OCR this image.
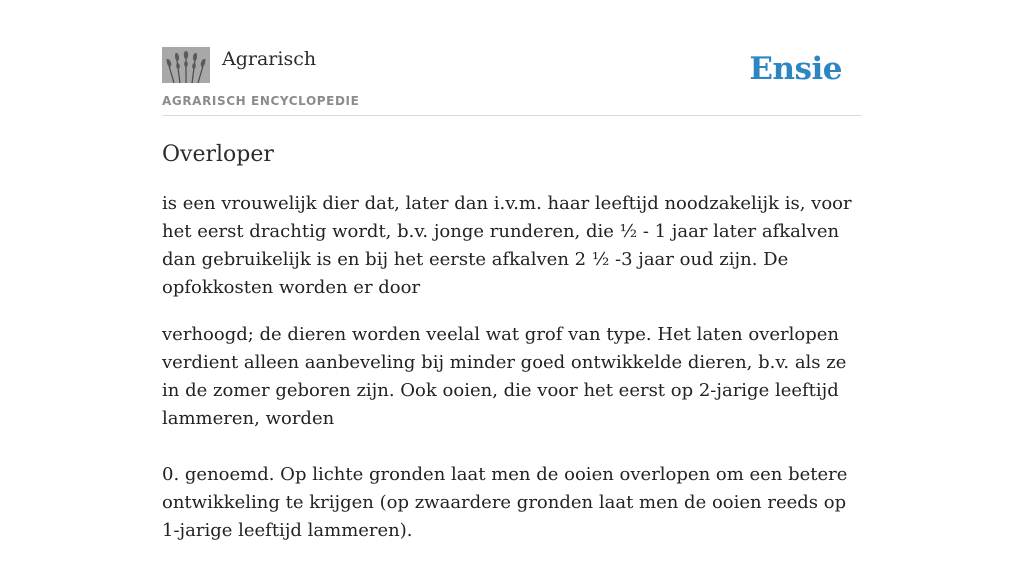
Agrarisch
AGRARISCH ENCYCLOPEDIE
Ensie
Overloper

is een vrouwelijk dier dat, later dan i.v.m. haar leeftijd noodzakelijk is, voor het eerst drachtig wordt, b.v. jonge runderen, die ½ - 1 jaar later afkalven dan gebruikelijk is en bij het eerste afkalven 2 ½ -3 jaar oud zijn. De opfokkosten worden er door

verhoogd; de dieren worden veelal wat grof van type. Het laten overlopen verdient alleen aanbeveling bij minder goed ontwikkelde dieren, b.v. als ze in de zomer geboren zijn. Ook ooien, die voor het eerst op 2-jarige leeftijd lammeren, worden

0. genoemd. Op lichte gronden laat men de ooien overlopen om een betere ontwikkeling te krijgen (op zwaardere gronden laat men de ooien reeds op 1-jarige leeftijd lammeren).
